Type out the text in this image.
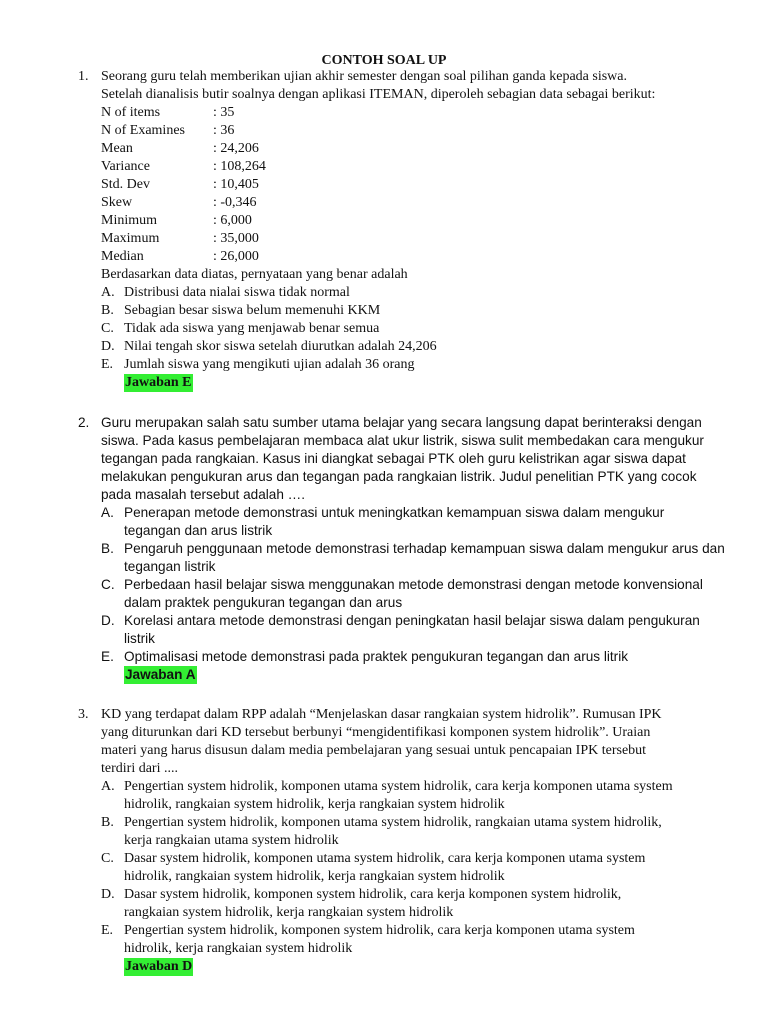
CONTOH SOAL UP
1. Seorang guru telah memberikan ujian akhir semester dengan soal pilihan ganda kepada siswa.

Setelah dianalisis butir soalnya dengan aplikasi ITEMAN, diperoleh sebagian data sebagai berikut:

N of items	: 35
N of Examines	: 36
Mean	: 24,206
Variance	: 108,264
Std. Dev	: 10,405
Skew	: -0,346
Minimum	: 6,000
Maximum	: 35,000
Median	: 26,000

Berdasarkan data diatas, pernyataan yang benar adalah

A. Distribusi data nialai siswa tidak normal
B. Sebagian besar siswa belum memenuhi KKM
C. Tidak ada siswa yang menjawab benar semua
D. Nilai tengah skor siswa setelah diurutkan adalah 24,206
E. Jumlah siswa yang mengikuti ujian adalah 36 orang
Jawaban E
2. Guru merupakan salah satu sumber utama belajar yang secara langsung dapat berinteraksi dengan

siswa. Pada kasus pembelajaran membaca alat ukur listrik, siswa sulit membedakan cara mengukur

tegangan pada rangkaian. Kasus ini diangkat sebagai PTK oleh guru kelistrikan agar siswa dapat

melakukan pengukuran arus dan tegangan pada rangkaian listrik. Judul penelitian PTK yang cocok

pada masalah tersebut adalah ….

A. Penerapan metode demonstrasi untuk meningkatkan kemampuan siswa dalam mengukur
tegangan dan arus listrik
B. Pengaruh penggunaan metode demonstrasi terhadap kemampuan siswa dalam mengukur arus dan
tegangan listrik
C. Perbedaan hasil belajar siswa menggunakan metode demonstrasi dengan metode konvensional
dalam praktek pengukuran tegangan dan arus
D. Korelasi antara metode demonstrasi dengan peningkatan hasil belajar siswa dalam pengukuran
listrik
E. Optimalisasi metode demonstrasi pada praktek pengukuran tegangan dan arus litrik
Jawaban A
3. KD yang terdapat dalam RPP adalah “Menjelaskan dasar rangkaian system hidrolik”. Rumusan IPK

yang diturunkan dari KD tersebut berbunyi “mengidentifikasi komponen system hidrolik”. Uraian

materi yang harus disusun dalam media pembelajaran yang sesuai untuk pencapaian IPK tersebut

terdiri dari ....

A. Pengertian system hidrolik, komponen utama system hidrolik, cara kerja komponen utama system
hidrolik, rangkaian system hidrolik, kerja rangkaian system hidrolik
B. Pengertian system hidrolik, komponen utama system hidrolik, rangkaian utama system hidrolik,
kerja rangkaian utama system hidrolik
C. Dasar system hidrolik, komponen utama system hidrolik, cara kerja komponen utama system
hidrolik, rangkaian system hidrolik, kerja rangkaian system hidrolik
D. Dasar system hidrolik, komponen system hidrolik, cara kerja komponen system hidrolik,
rangkaian system hidrolik, kerja rangkaian system hidrolik
E. Pengertian system hidrolik, komponen system hidrolik, cara kerja komponen utama system
hidrolik, kerja rangkaian system hidrolik
Jawaban D
